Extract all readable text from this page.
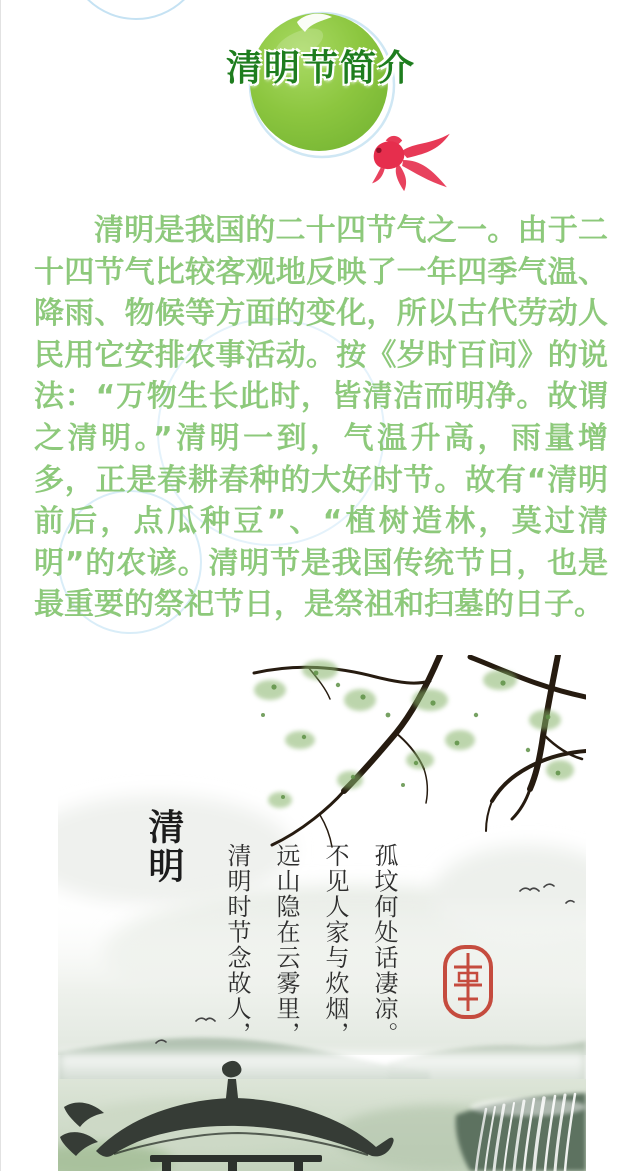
清明节简介

清明是我国的二十四节气之一。由于二十四节气比较客观地反映了一年四季气温、降雨、物候等方面的变化，所以古代劳动人民用它安排农事活动。按《岁时百问》的说法：“万物生长此时，皆清洁而明净。故谓之清明。”清明一到，气温升高，雨量增多，正是春耕春种的大好时节。故有“清明前后，点瓜种豆”、“植树造林，莫过清明”的农谚。清明节是我国传统节日，也是最重要的祭祀节日，是祭祖和扫墓的日子。

清明 清明时节念故人， 远山隐在云雾里， 不见人家与炊烟， 孤坟何处话凄凉。
